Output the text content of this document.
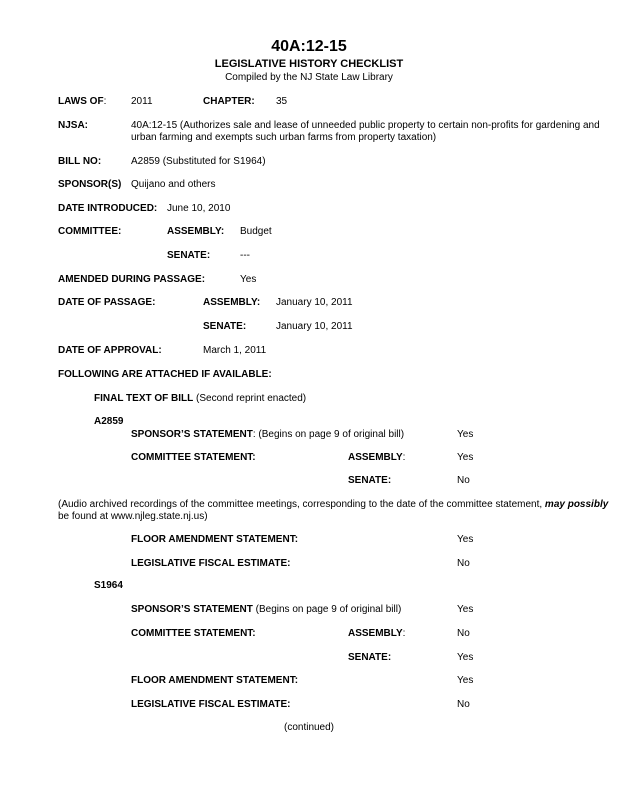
40A:12-15
LEGISLATIVE HISTORY CHECKLIST
Compiled by the NJ State Law Library
LAWS OF: 2011	CHAPTER: 35
NJSA:	40A:12-15 (Authorizes sale and lease of unneeded public property to certain non-profits for gardening and
urban farming and exempts such urban farms from property taxation)
BILL NO:	A2859 (Substituted for S1964)
SPONSOR(S) Quijano and others
DATE INTRODUCED: June 10, 2010
COMMITTEE:	ASSEMBLY: Budget
SENATE:	---
AMENDED DURING PASSAGE:	Yes
DATE OF PASSAGE:	ASSEMBLY: January 10, 2011
SENATE:	January 10, 2011
DATE OF APPROVAL:	March 1, 2011
FOLLOWING ARE ATTACHED IF AVAILABLE:
FINAL TEXT OF BILL (Second reprint enacted)
A2859
SPONSOR’S STATEMENT: (Begins on page 9 of original bill)	Yes
COMMITTEE STATEMENT:	ASSEMBLY:	Yes
SENATE:	No
(Audio archived recordings of the committee meetings, corresponding to the date of the committee statement, may possibly
be found at www.njleg.state.nj.us)
FLOOR AMENDMENT STATEMENT:	Yes
LEGISLATIVE FISCAL ESTIMATE:	No
S1964
SPONSOR’S STATEMENT (Begins on page 9 of original bill)	Yes
COMMITTEE STATEMENT:	ASSEMBLY:	No
SENATE:	Yes
FLOOR AMENDMENT STATEMENT:	Yes
LEGISLATIVE FISCAL ESTIMATE:	No
(continued)
